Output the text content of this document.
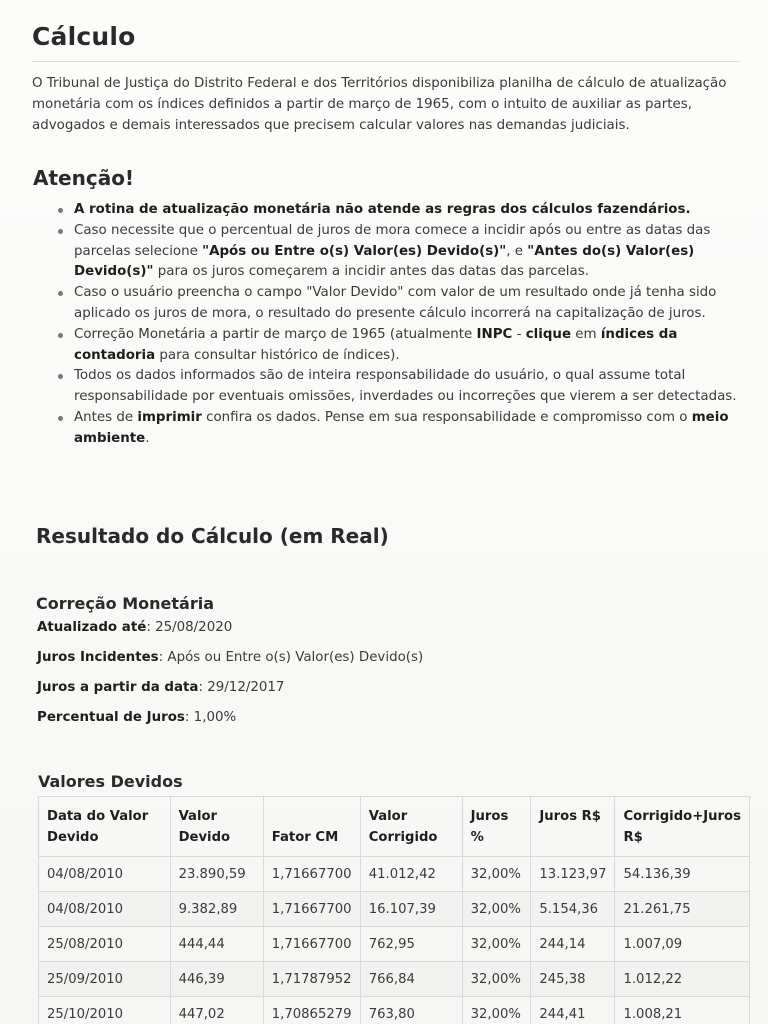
Cálculo

O Tribunal de Justiça do Distrito Federal e dos Territórios disponibiliza planilha de cálculo de atualização monetária com os índices definidos a partir de março de 1965, com o intuito de auxiliar as partes, advogados e demais interessados que precisem calcular valores nas demandas judiciais.

Atenção!
A rotina de atualização monetária não atende as regras dos cálculos fazendários.
Caso necessite que o percentual de juros de mora comece a incidir após ou entre as datas das parcelas selecione "Após ou Entre o(s) Valor(es) Devido(s)", e "Antes do(s) Valor(es) Devido(s)" para os juros começarem a incidir antes das datas das parcelas.
Caso o usuário preencha o campo "Valor Devido" com valor de um resultado onde já tenha sido aplicado os juros de mora, o resultado do presente cálculo incorrerá na capitalização de juros.
Correção Monetária a partir de março de 1965 (atualmente INPC - clique em índices da contadoria para consultar histórico de índices).
Todos os dados informados são de inteira responsabilidade do usuário, o qual assume total responsabilidade por eventuais omissões, inverdades ou incorreções que vierem a ser detectadas.
Antes de imprimir confira os dados. Pense em sua responsabilidade e compromisso com o meio ambiente.
Resultado do Cálculo (em Real)
Correção Monetária

Atualizado até: 25/08/2020

Juros Incidentes: Após ou Entre o(s) Valor(es) Devido(s)

Juros a partir da data: 29/12/2017

Percentual de Juros: 1,00%

Valores Devidos
Data do Valor Devido	Valor Devido	Fator CM	Valor Corrigido	Juros %	Juros R$	Corrigido+Juros R$
04/08/2010	23.890,59	1,71667700	41.012,42	32,00%	13.123,97	54.136,39
04/08/2010	9.382,89	1,71667700	16.107,39	32,00%	5.154,36	21.261,75
25/08/2010	444,44	1,71667700	762,95	32,00%	244,14	1.007,09
25/09/2010	446,39	1,71787952	766,84	32,00%	245,38	1.012,22
25/10/2010	447,02	1,70865279	763,80	32,00%	244,41	1.008,21
